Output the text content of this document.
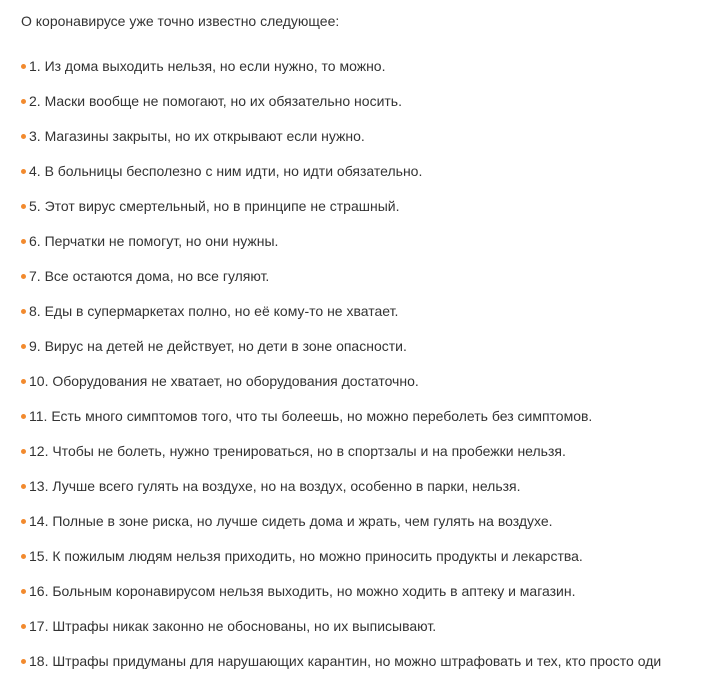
О коронавирусе уже точно известно следующее:

1. Из дома выходить нельзя, но если нужно, то можно.
2. Маски вообще не помогают, но их обязательно носить.
3. Магазины закрыты, но их открывают если нужно.
4. В больницы бесполезно с ним идти, но идти обязательно.
5. Этот вирус смертельный, но в принципе не страшный.
6. Перчатки не помогут, но они нужны.
7. Все остаются дома, но все гуляют.
8. Еды в супермаркетах полно, но её кому-то не хватает.
9. Вирус на детей не действует, но дети в зоне опасности.
10. Оборудования не хватает, но оборудования достаточно.
11. Есть много симптомов того, что ты болеешь, но можно переболеть без симптомов.
12. Чтобы не болеть, нужно тренироваться, но в спортзалы и на пробежки нельзя.
13. Лучше всего гулять на воздухе, но на воздух, особенно в парки, нельзя.
14. Полные в зоне риска, но лучше сидеть дома и жрать, чем гулять на воздухе.
15. К пожилым людям нельзя приходить, но можно приносить продукты и лекарства.
16. Больным коронавирусом нельзя выходить, но можно ходить в аптеку и магазин.
17. Штрафы никак законно не обоснованы, но их выписывают.
18. Штрафы придуманы для нарушающих карантин, но можно штрафовать и тех, кто просто оди
